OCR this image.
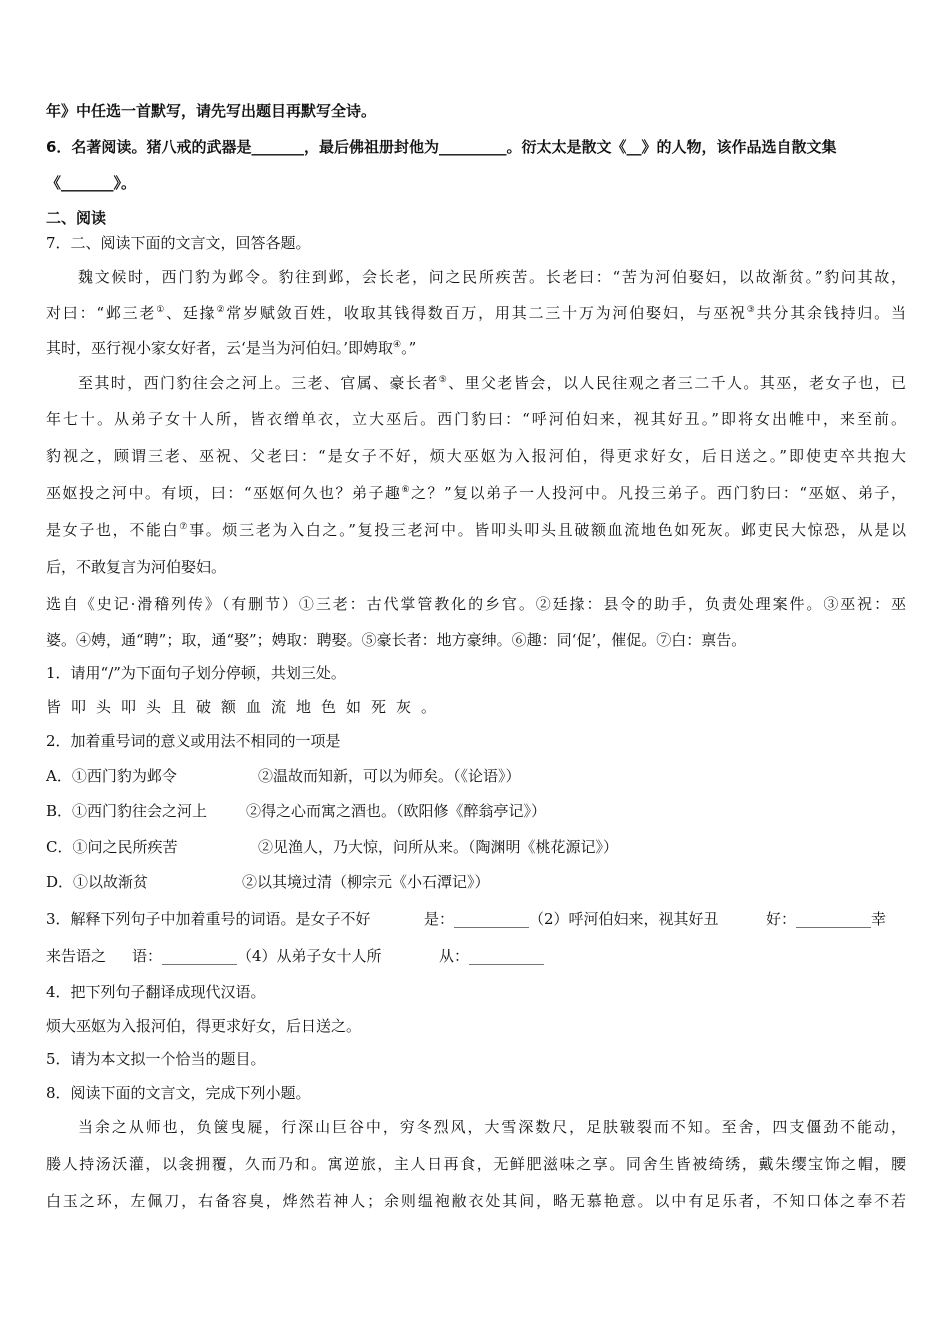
年》中任选一首默写，请先写出题目再默写全诗。
6．名著阅读。猪八戒的武器是_______，最后佛祖册封他为_________。衍太太是散文《__》的人物，该作品选自散文集
《_______》。
二、阅读
7．二、阅读下面的文言文，回答各题。
魏文候时，西门豹为邺令。豹往到邺，会长老，问之民所疾苦。长老曰：“苦为河伯娶妇，以故渐贫。”豹问其故，
对曰：“邺三老①、廷掾②常岁赋敛百姓，收取其钱得数百万，用其二三十万为河伯娶妇，与巫祝③共分其余钱持归。当
其时，巫行视小家女好者，云‘是当为河伯妇。’即娉取④。”
至其时，西门豹往会之河上。三老、官属、豪长者⑤、里父老皆会，以人民往观之者三二千人。其巫，老女子也，已
年七十。从弟子女十人所，皆衣缯单衣，立大巫后。西门豹曰：“呼河伯妇来，视其好丑。”即将女出帷中，来至前。
豹视之，顾谓三老、巫祝、父老曰：“是女子不好，烦大巫妪为入报河伯，得更求好女，后日送之。”即使吏卒共抱大
巫妪投之河中。有顷，曰：“巫妪何久也？弟子趣⑥之？”复以弟子一人投河中。凡投三弟子。西门豹曰：“巫妪、弟子，
是女子也，不能白⑦事。烦三老为入白之。”复投三老河中。皆叩头叩头且破额血流地色如死灰。邺吏民大惊恐，从是以
后，不敢复言为河伯娶妇。
选自《史记·滑稽列传》（有删节）①三老：古代掌管教化的乡官。②廷掾：县令的助手，负责处理案件。③巫祝：巫
婆。④娉，通“聘”；取，通“娶”；娉取：聘娶。⑤豪长者：地方豪绅。⑥趣：同‘促’，催促。⑦白：禀告。
1．请用“/”为下面句子划分停顿，共划三处。
皆叩头叩头且破额血流地色如死灰。
2．加着重号词的意义或用法不相同的一项是
A．①西门豹为邺令	②温故而知新，可以为师矣。（《论语》）
B．①西门豹往会之河上	②得之心而寓之酒也。（欧阳修《醉翁亭记》）
C．①问之民所疾苦	②见渔人，乃大惊，问所从来。（陶渊明《桃花源记》）
D．①以故渐贫	②以其境过清（柳宗元《小石潭记》）
3．解释下列句子中加着重号的词语。是女子不好	是：__________（2）呼河伯妇来，视其好丑	好：__________幸
来告语之 语：__________（4）从弟子女十人所	从：__________
4．把下列句子翻译成现代汉语。
烦大巫妪为入报河伯，得更求好女，后日送之。
5．请为本文拟一个恰当的题目。
8．阅读下面的文言文，完成下列小题。
当余之从师也，负箧曳屣，行深山巨谷中，穷冬烈风，大雪深数尺，足肤皲裂而不知。至舍，四支僵劲不能动，
媵人持汤沃灌，以衾拥覆，久而乃和。寓逆旅，主人日再食，无鲜肥滋味之享。同舍生皆被绮绣，戴朱缨宝饰之帽，腰
白玉之环，左佩刀，右备容臭，烨然若神人；余则缊袍敝衣处其间，略无慕艳意。以中有足乐者，不知口体之奉不若
